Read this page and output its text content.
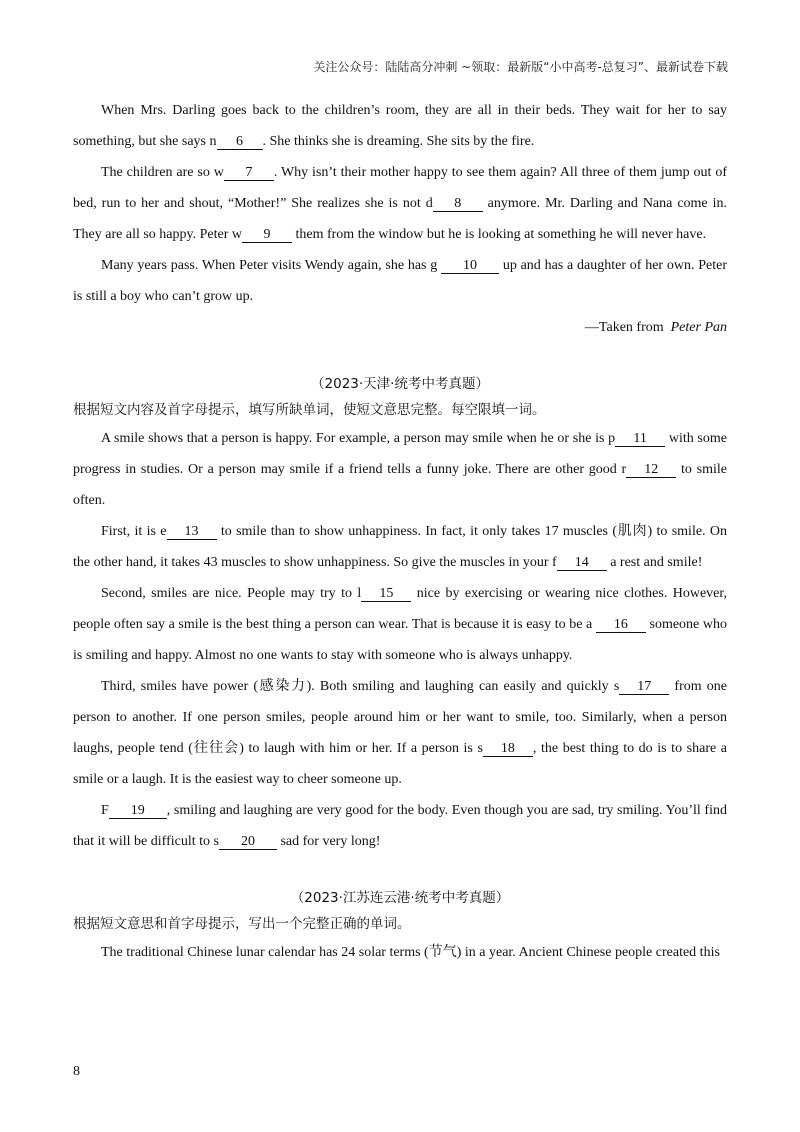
关注公众号：陆陆高分冲刺 ~领取：最新版“小中高考-总复习”、最新试卷下载

When Mrs. Darling goes back to the children’s room, they are all in their beds. They wait for her to say something, but she says n 6 . She thinks she is dreaming. She sits by the fire.

The children are so w 7 . Why isn’t their mother happy to see them again? All three of them jump out of bed, run to her and shout, “Mother!” She realizes she is not d 8 anymore. Mr. Darling and Nana come in. They are all so happy. Peter w 9 them from the window but he is looking at something he will never have.

Many years pass. When Peter visits Wendy again, she has g 10 up and has a daughter of her own. Peter is still a boy who can’t grow up.

—Taken from Peter Pan

（2023·天津·统考中考真题）

根据短文内容及首字母提示，填写所缺单词，使短文意思完整。每空限填一词。

A smile shows that a person is happy. For example, a person may smile when he or she is p 11 with some progress in studies. Or a person may smile if a friend tells a funny joke. There are other good r 12 to smile often.

First, it is e 13 to smile than to show unhappiness. In fact, it only takes 17 muscles (肌肉) to smile. On the other hand, it takes 43 muscles to show unhappiness. So give the muscles in your f 14 a rest and smile!

Second, smiles are nice. People may try to l 15 nice by exercising or wearing nice clothes. However, people often say a smile is the best thing a person can wear. That is because it is easy to be a 16 someone who is smiling and happy. Almost no one wants to stay with someone who is always unhappy.

Third, smiles have power (感染力). Both smiling and laughing can easily and quickly s 17 from one person to another. If one person smiles, people around him or her want to smile, too. Similarly, when a person laughs, people tend (往往会) to laugh with him or her. If a person is s 18 , the best thing to do is to share a smile or a laugh. It is the easiest way to cheer someone up.

F 19 , smiling and laughing are very good for the body. Even though you are sad, try smiling. You’ll find that it will be difficult to s 20 sad for very long!

（2023·江苏连云港·统考中考真题）

根据短文意思和首字母提示，写出一个完整正确的单词。

The traditional Chinese lunar calendar has 24 solar terms (节气) in a year. Ancient Chinese people created this

8
